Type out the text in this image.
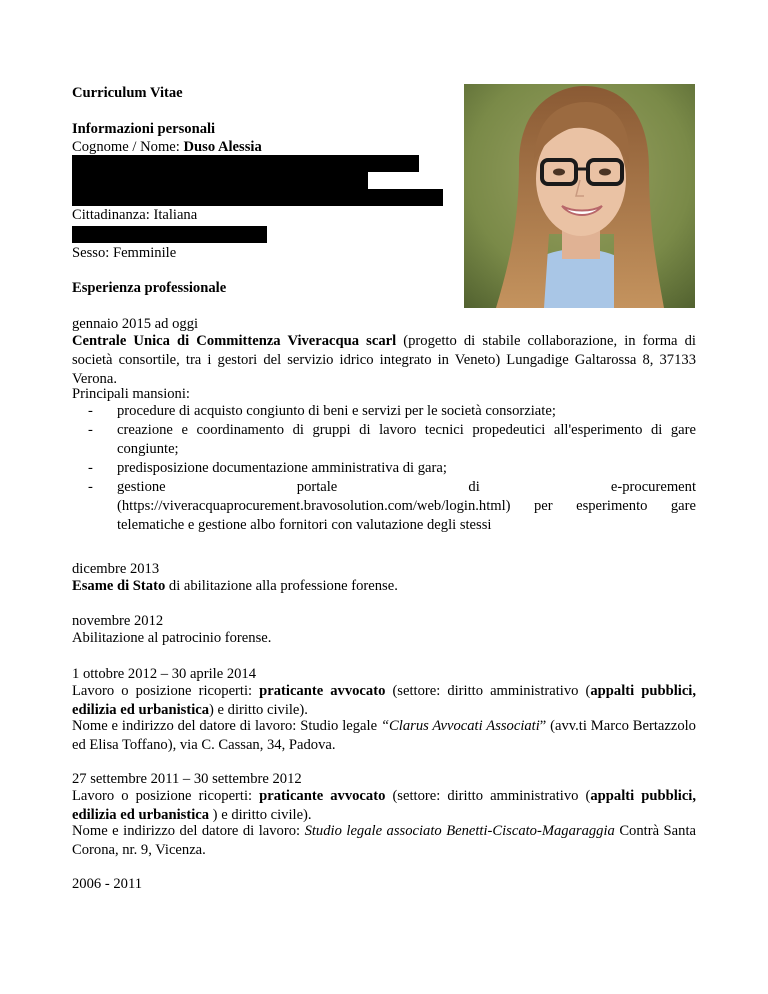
Curriculum Vitae
Informazioni personali
Cognome / Nome: Duso Alessia
Cittadinanza: Italiana
Sesso: Femminile
Esperienza professionale
gennaio 2015 ad oggi
Centrale Unica di Committenza Viveracqua scarl (progetto di stabile collaborazione, in forma di società consortile, tra i gestori del servizio idrico integrato in Veneto) Lungadige Galtarossa 8, 37133 Verona.
Principali mansioni:
- procedure di acquisto congiunto di beni e servizi per le società consorziate;
- creazione e coordinamento di gruppi di lavoro tecnici propedeutici all'esperimento di gare congiunte;
- predisposizione documentazione amministrativa di gara;
- gestione portale di e-procurement (https://viveracquaprocurement.bravosolution.com/web/login.html) per esperimento gare telematiche e gestione albo fornitori con valutazione degli stessi
dicembre 2013
Esame di Stato di abilitazione alla professione forense.
novembre 2012
Abilitazione al patrocinio forense.
1 ottobre 2012 – 30 aprile 2014
Lavoro o posizione ricoperti: praticante avvocato (settore: diritto amministrativo (appalti pubblici, edilizia ed urbanistica) e diritto civile).
Nome e indirizzo del datore di lavoro: Studio legale “Clarus Avvocati Associati” (avv.ti Marco Bertazzolo ed Elisa Toffano), via C. Cassan, 34, Padova.
27 settembre 2011 – 30 settembre 2012
Lavoro o posizione ricoperti: praticante avvocato (settore: diritto amministrativo (appalti pubblici, edilizia ed urbanistica ) e diritto civile).
Nome e indirizzo del datore di lavoro: Studio legale associato Benetti-Ciscato-Magaraggia Contrà Santa Corona, nr. 9, Vicenza.
2006 - 2011
